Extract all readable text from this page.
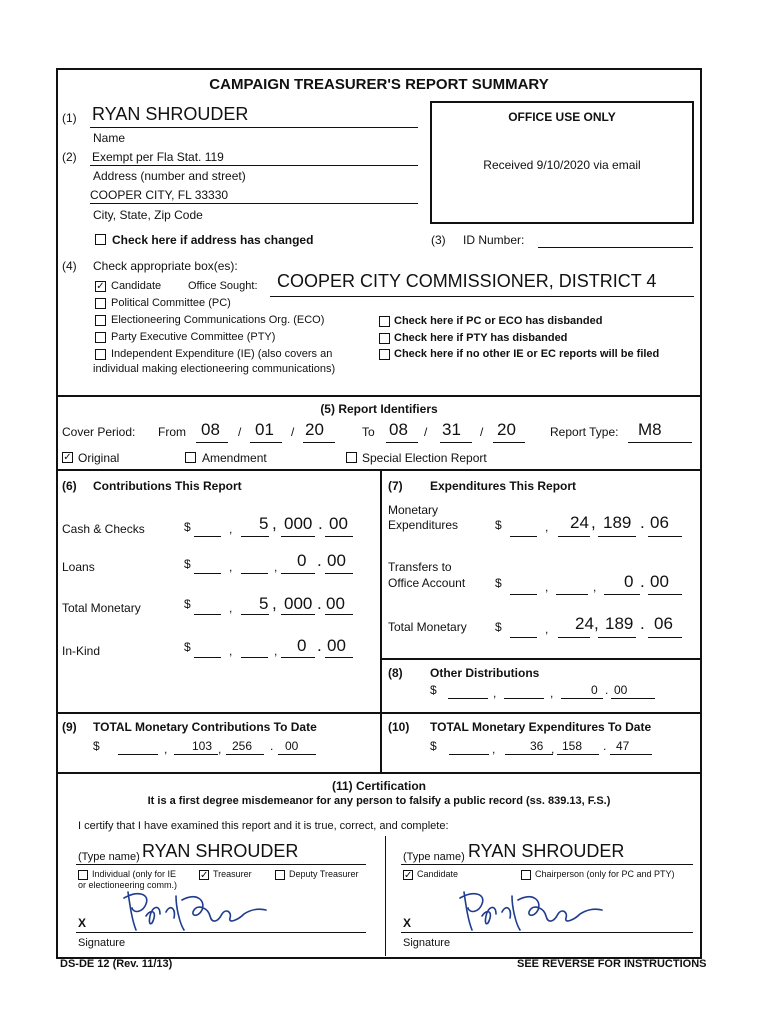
CAMPAIGN TREASURER'S REPORT SUMMARY
(1) RYAN SHROUDER
Name
(2) Exempt per Fla Stat. 119
Address (number and street)
COOPER CITY, FL 33330
City, State, Zip Code
Check here if address has changed
OFFICE USE ONLY
Received 9/10/2020 via email
(3) ID Number:
(4) Check appropriate box(es):
✓ Candidate Office Sought: COOPER CITY COMMISSIONER, DISTRICT 4
Political Committee (PC)
Electioneering Communications Org. (ECO)
Party Executive Committee (PTY)
Independent Expenditure (IE) (also covers an
individual making electioneering communications)
Check here if PC or ECO has disbanded
Check here if PTY has disbanded
Check here if no other IE or EC reports will be filed
(5) Report Identifiers
Cover Period: From 08 / 01 / 20	To 08 / 31 / 20	Report Type: M8
✓ Original	Amendment	Special Election Report
(6) Contributions This Report
Cash & Checks	$	, 5 , 000 . 00
Loans	$	,	, 0 . 00
Total Monetary	$	, 5 , 000 . 00
In-Kind	$	,	, 0 . 00
(7) Expenditures This Report
Monetary
Expenditures	$	, 24 , 189 . 06
Transfers to
Office Account $	,	, 0 . 00
Total Monetary $	, 24 , 189 . 06
(8) Other Distributions
$	,	,	0 . 00
(9) TOTAL Monetary Contributions To Date
$	, 103 , 256 . 00
(10) TOTAL Monetary Expenditures To Date
$	,	36 , 158 . 47
(11) Certification
It is a first degree misdemeanor for any person to falsify a public record (ss. 839.13, F.S.)
I certify that I have examined this report and it is true, correct, and complete:
(Type name) RYAN SHROUDER
Individual (only for IE
or electioneering comm.)
✓ Treasurer	Deputy Treasurer
X
Signature
(Type name) RYAN SHROUDER
✓ Candidate	Chairperson (only for PC and PTY)
X
Signature
DS-DE 12 (Rev. 11/13)	SEE REVERSE FOR INSTRUCTIONS
